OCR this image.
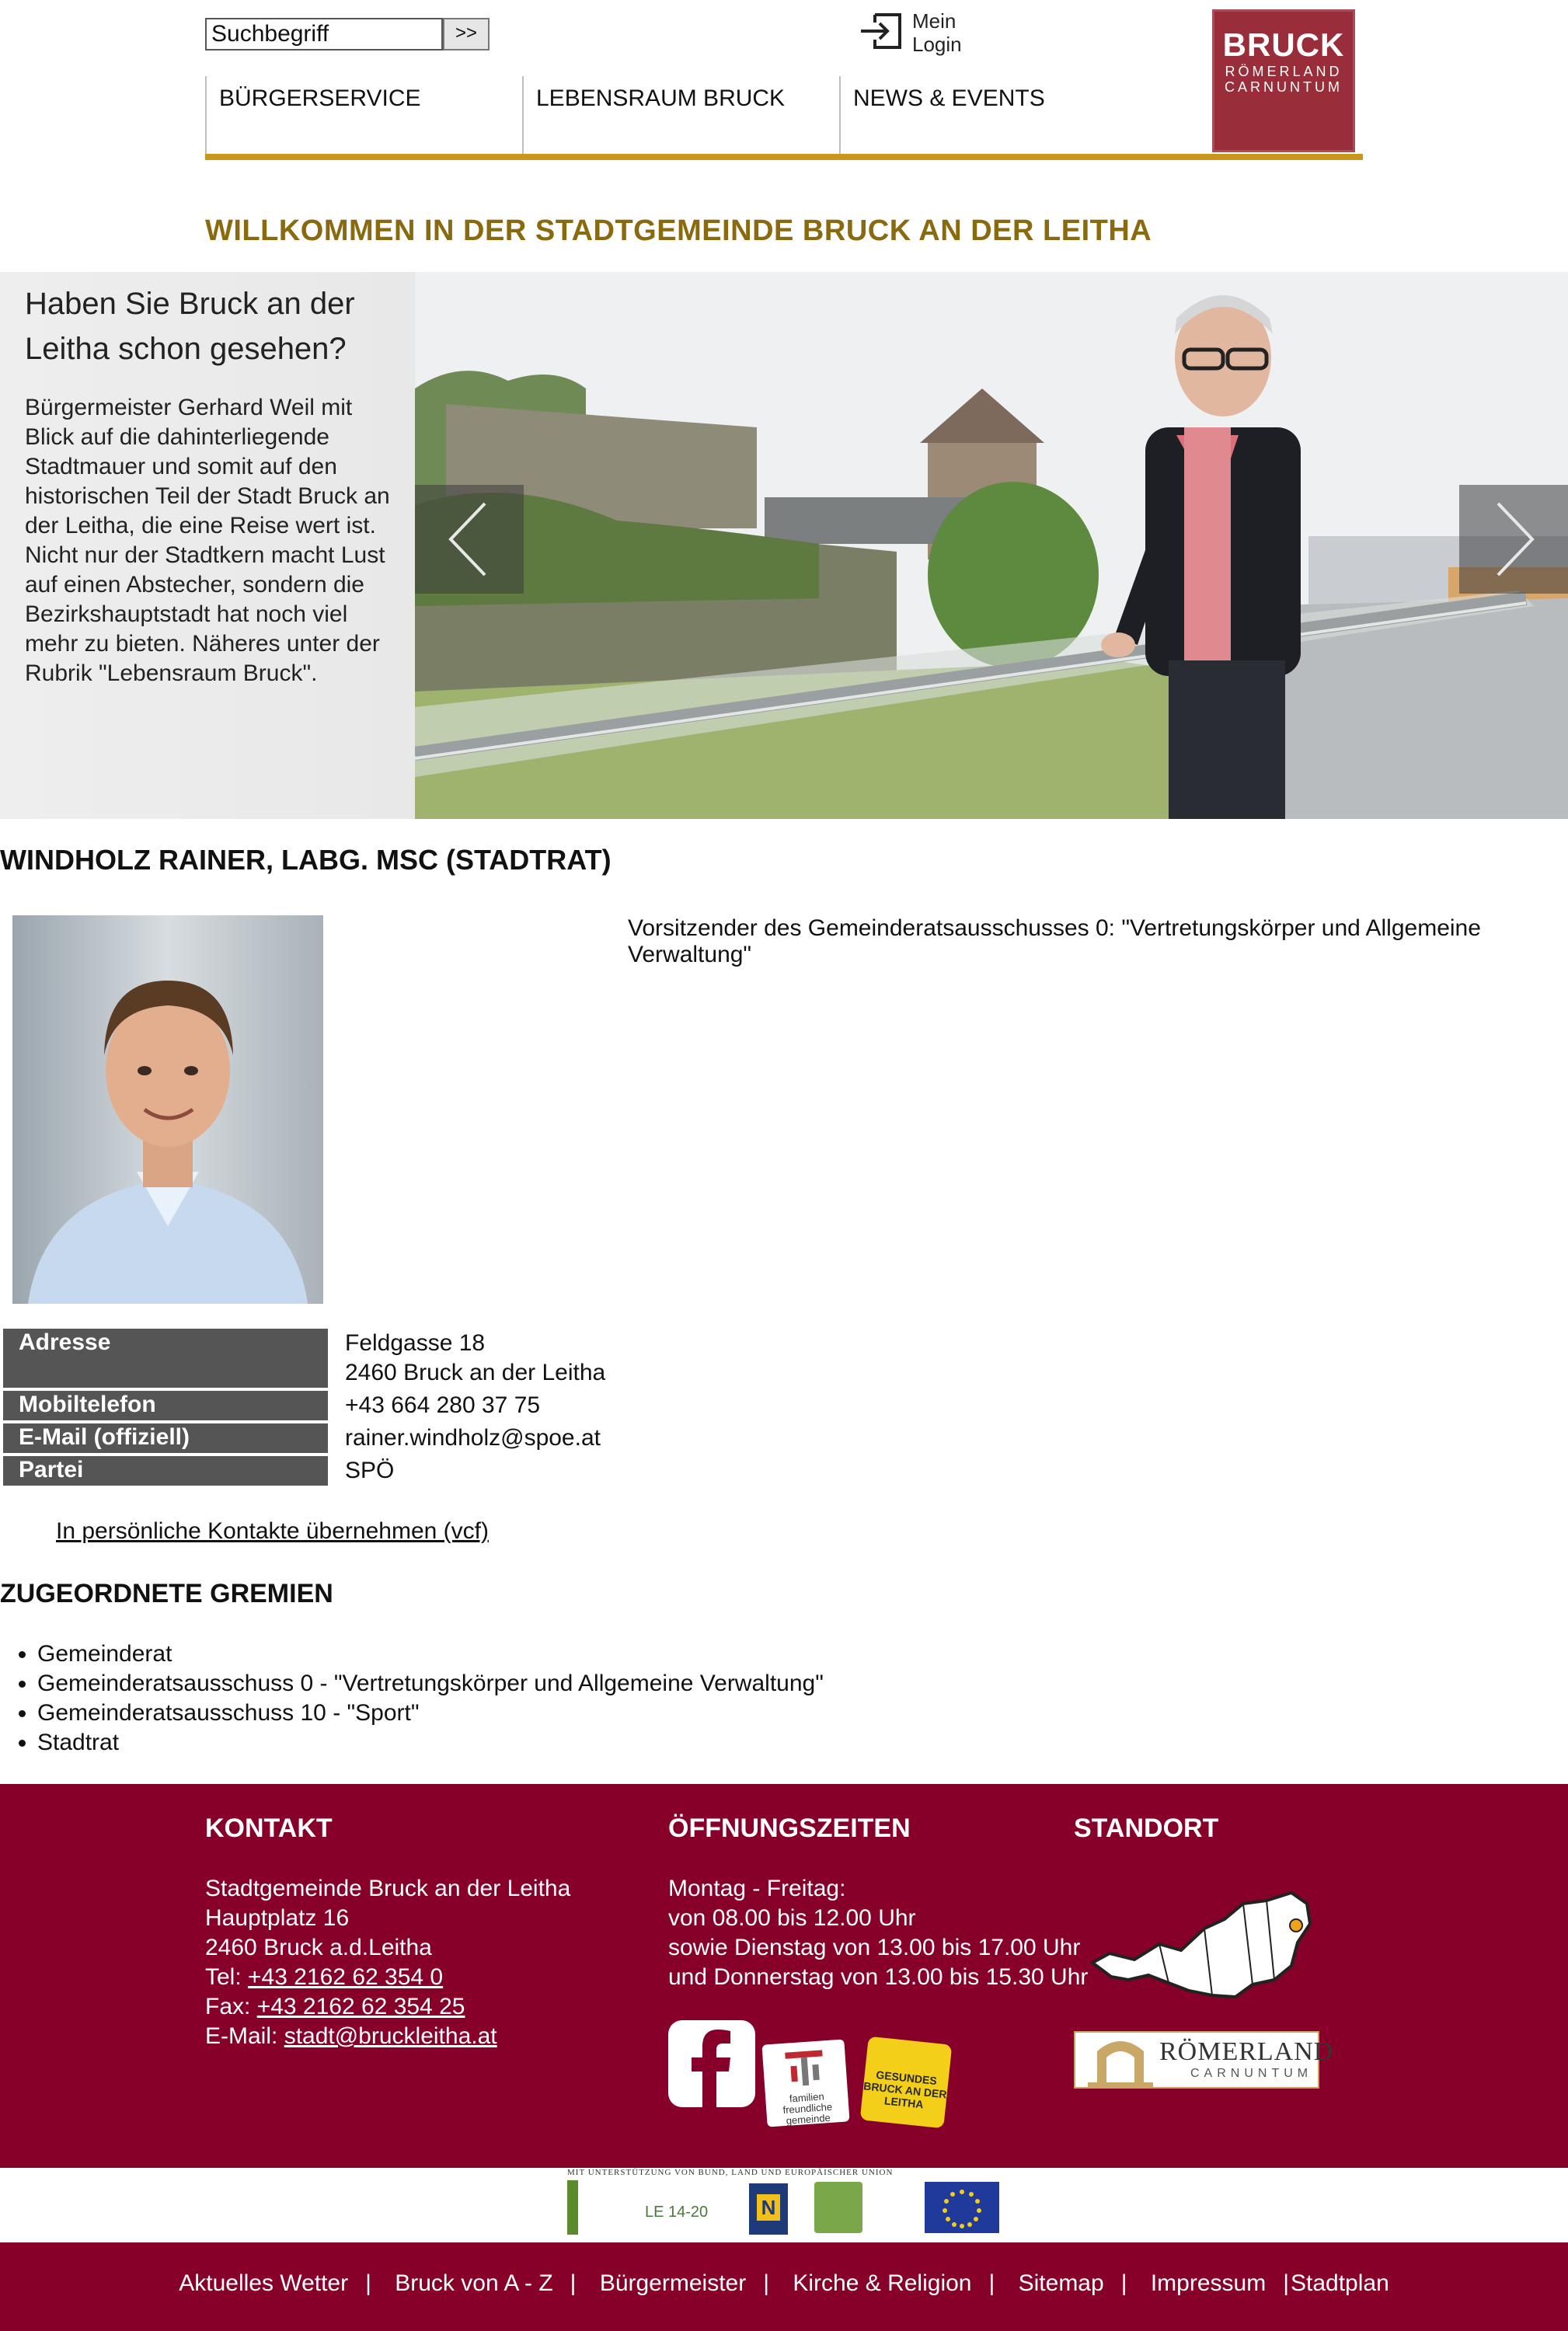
Suchbegriff
>>
Mein Login	BRUCK
RÖMERLAND
CARNUNTUM
BÜRGERSERVICE	LEBENSRAUM BRUCK	NEWS & EVENTS
WILLKOMMEN IN DER STADTGEMEINDE BRUCK AN DER LEITHA
Haben Sie Bruck an der Leitha schon gesehen?

Bürgermeister Gerhard Weil mit Blick auf die dahinterliegende Stadtmauer und somit auf den historischen Teil der Stadt Bruck an der Leitha, die eine Reise wert ist. Nicht nur der Stadtkern macht Lust auf einen Abstecher, sondern die Bezirkshauptstadt hat noch viel mehr zu bieten. Näheres unter der Rubrik "Lebensraum Bruck".

WINDHOLZ RAINER, LABG. MSC (STADTRAT)
Vorsitzender des Gemeinderatsausschusses 0: "Vertretungskörper und Allgemeine Verwaltung"
Adresse	Feldgasse 18
2460 Bruck an der Leitha
Mobiltelefon	+43 664 280 37 75
E-Mail (offiziell)	rainer.windholz@spoe.at
Partei	SPÖ
In persönliche Kontakte übernehmen (vcf)
ZUGEORDNETE GREMIEN
• Gemeinderat
• Gemeinderatsausschuss 0 - "Vertretungskörper und Allgemeine Verwaltung"
• Gemeinderatsausschuss 10 - "Sport"
• Stadtrat
KONTAKT
Stadtgemeinde Bruck an der Leitha
Hauptplatz 16
2460 Bruck a.d.Leitha
Tel: +43 2162 62 354 0
Fax: +43 2162 62 354 25
E-Mail: stadt@bruckleitha.at
ÖFFNUNGSZEITEN
Montag - Freitag:
von 08.00 bis 12.00 Uhr
sowie Dienstag von 13.00 bis 17.00 Uhr
und Donnerstag von 13.00 bis 15.30 Uhr
familien freundliche gemeinde
GESUNDES BRUCK AN DER LEITHA
STANDORT
RÖMERLAND
CARNUNTUM
MIT UNTERSTÜTZUNG VON BUND, LAND UND EUROPÄISCHER UNION
LE 14-20	N
Aktuelles Wetter | Bruck von A - Z | Bürgermeister | Kirche & Religion | Sitemap | Impressum |Stadtplan
